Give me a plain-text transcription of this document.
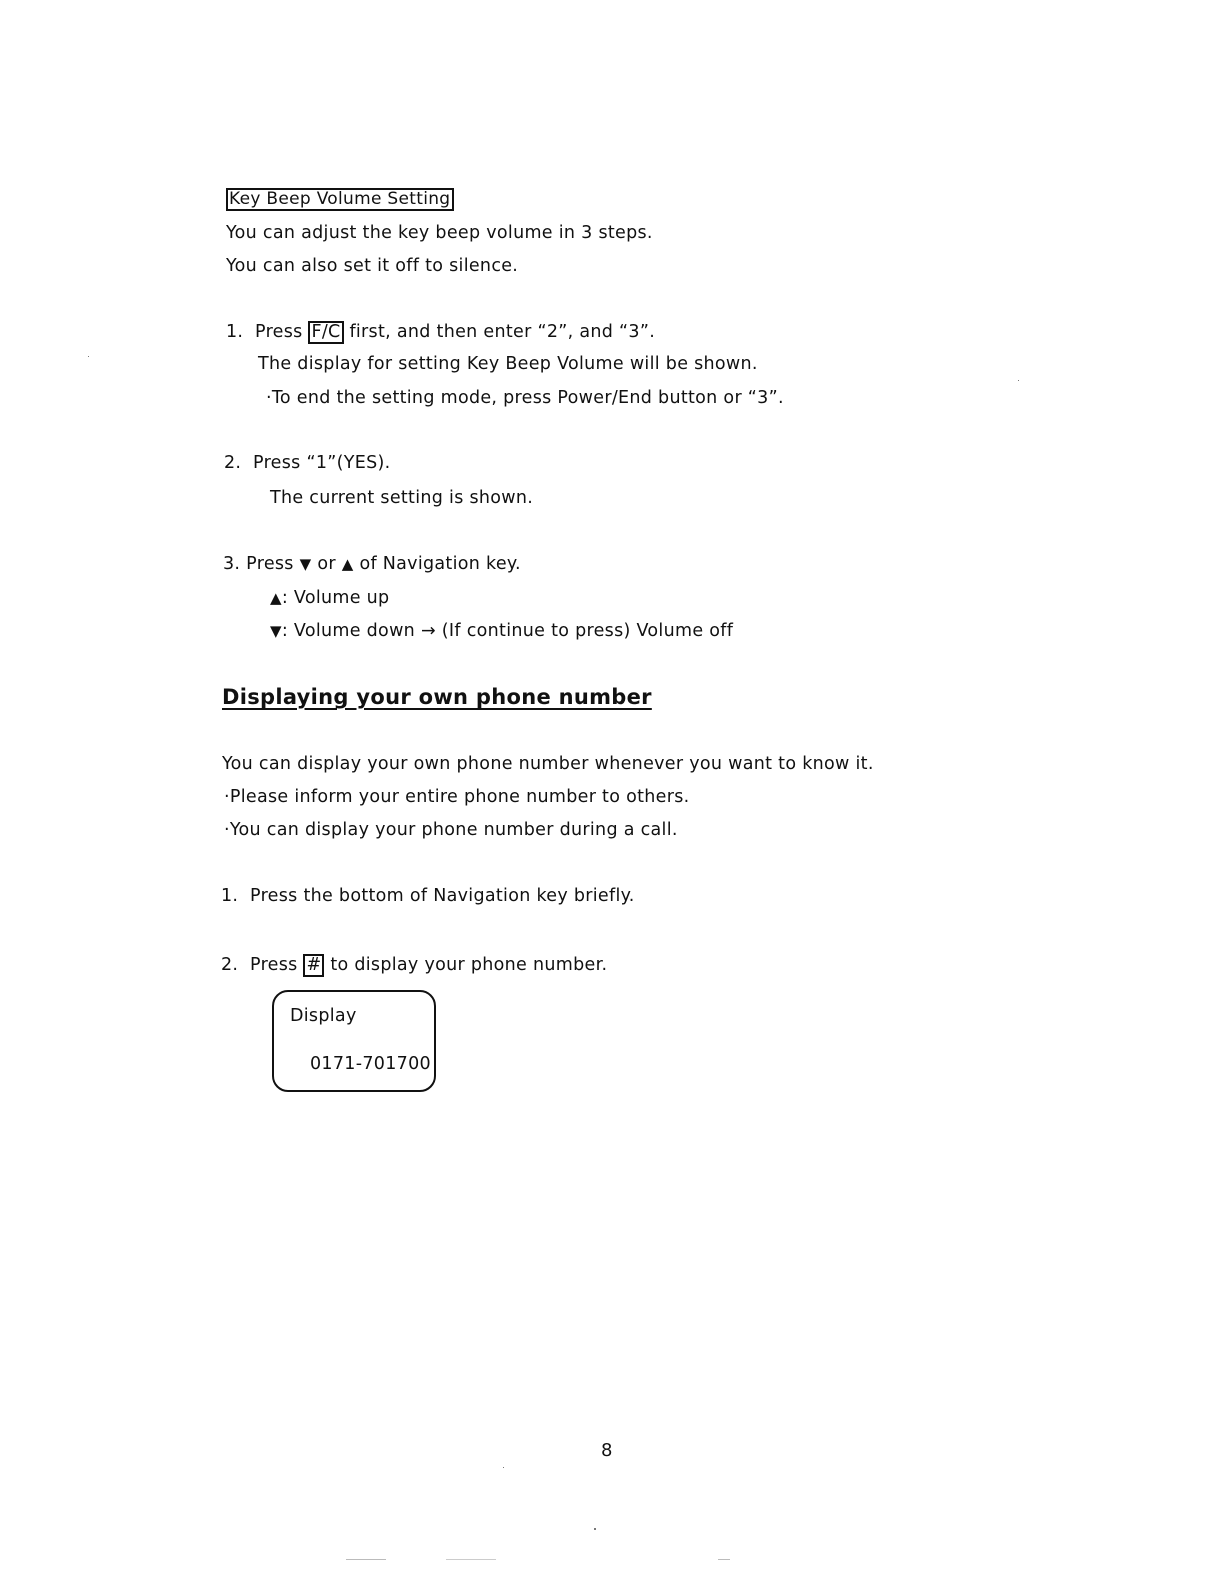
Key Beep Volume Setting
You can adjust the key beep volume in 3 steps.
You can also set it off to silence.
1. Press F/C first, and then enter “2”, and “3”.
The display for setting Key Beep Volume will be shown.
·To end the setting mode, press Power/End button or “3”.
2. Press “1”(YES).
The current setting is shown.
3. Press ▼ or ▲ of Navigation key.
▲: Volume up
▼: Volume down → (If continue to press) Volume off
Displaying your own phone number
You can display your own phone number whenever you want to know it.
·Please inform your entire phone number to others.
·You can display your phone number during a call.
1. Press the bottom of Navigation key briefly.
2. Press # to display your phone number.
Display
0171-701700
8
